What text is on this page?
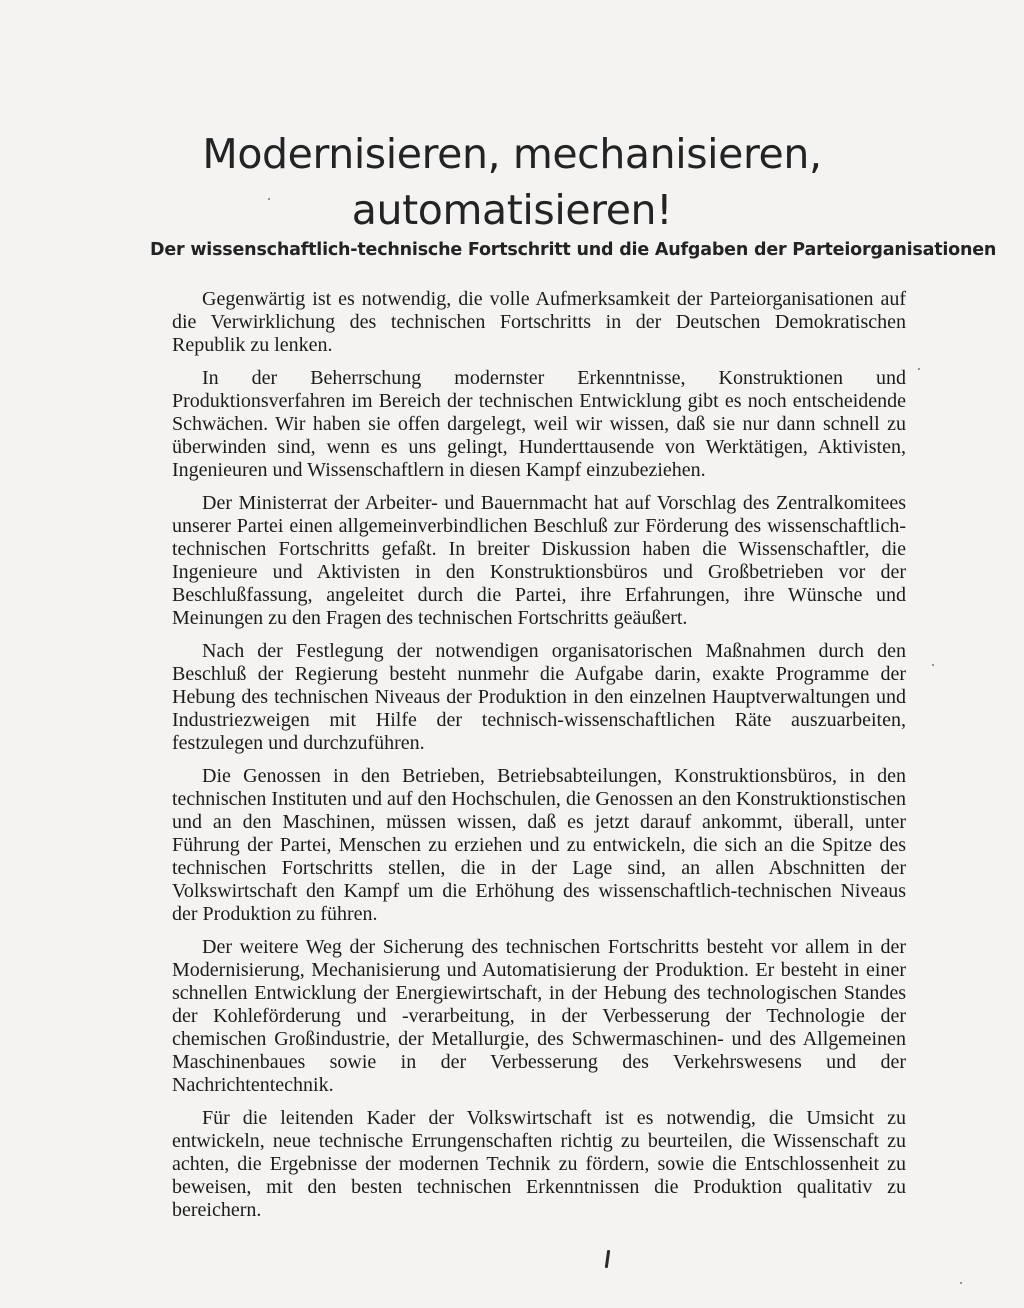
Modernisieren, mechanisieren,
automatisieren!
Der wissenschaftlich-technische Fortschritt und die Aufgaben der Parteiorganisationen

Gegenwärtig ist es notwendig, die volle Aufmerksamkeit der Parteiorganisationen auf die Verwirklichung des technischen Fortschritts in der Deutschen Demokratischen Republik zu lenken.

In der Beherrschung modernster Erkenntnisse, Konstruktionen und Produktionsverfahren im Bereich der technischen Entwicklung gibt es noch entscheidende Schwächen. Wir haben sie offen dargelegt, weil wir wissen, daß sie nur dann schnell zu überwinden sind, wenn es uns gelingt, Hunderttausende von Werktätigen, Aktivisten, Ingenieuren und Wissenschaftlern in diesen Kampf einzubeziehen.

Der Ministerrat der Arbeiter- und Bauernmacht hat auf Vorschlag des Zentralkomitees unserer Partei einen allgemeinverbindlichen Beschluß zur Förderung des wissenschaftlich-technischen Fortschritts gefaßt. In breiter Diskussion haben die Wissenschaftler, die Ingenieure und Aktivisten in den Konstruktionsbüros und Großbetrieben vor der Beschlußfassung, angeleitet durch die Partei, ihre Erfahrungen, ihre Wünsche und Meinungen zu den Fragen des technischen Fortschritts geäußert.

Nach der Festlegung der notwendigen organisatorischen Maßnahmen durch den Beschluß der Regierung besteht nunmehr die Aufgabe darin, exakte Programme der Hebung des technischen Niveaus der Produktion in den einzelnen Hauptverwaltungen und Industriezweigen mit Hilfe der technisch-wissenschaftlichen Räte auszuarbeiten, festzulegen und durchzuführen.

Die Genossen in den Betrieben, Betriebsabteilungen, Konstruktionsbüros, in den technischen Instituten und auf den Hochschulen, die Genossen an den Konstruktionstischen und an den Maschinen, müssen wissen, daß es jetzt darauf ankommt, überall, unter Führung der Partei, Menschen zu erziehen und zu entwickeln, die sich an die Spitze des technischen Fortschritts stellen, die in der Lage sind, an allen Abschnitten der Volkswirtschaft den Kampf um die Erhöhung des wissenschaftlich-technischen Niveaus der Produktion zu führen.

Der weitere Weg der Sicherung des technischen Fortschritts besteht vor allem in der Modernisierung, Mechanisierung und Automatisierung der Produktion. Er besteht in einer schnellen Entwicklung der Energiewirtschaft, in der Hebung des technologischen Standes der Kohleförderung und -verarbeitung, in der Verbesserung der Technologie der chemischen Großindustrie, der Metallurgie, des Schwermaschinen- und des Allgemeinen Maschinenbaues sowie in der Verbesserung des Verkehrswesens und der Nachrichtentechnik.

Für die leitenden Kader der Volkswirtschaft ist es notwendig, die Umsicht zu entwickeln, neue technische Errungenschaften richtig zu beurteilen, die Wissenschaft zu achten, die Ergebnisse der modernen Technik zu fördern, sowie die Entschlossenheit zu beweisen, mit den besten technischen Erkenntnissen die Produktion qualitativ zu bereichern.
